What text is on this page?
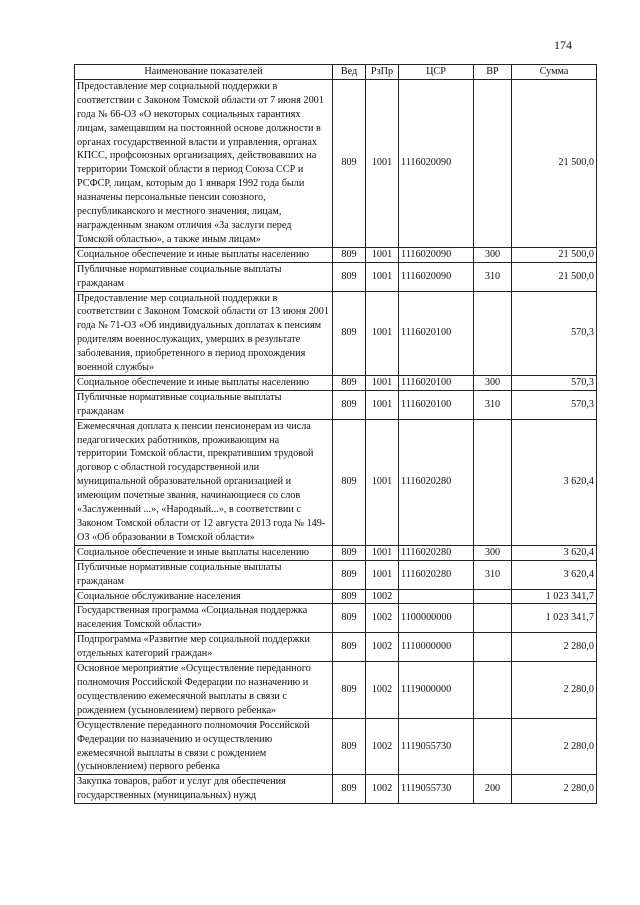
174
Наименование показателей	Вед	РзПр	ЦСР	ВР	Сумма
Предоставление мер социальной поддержки в соответствии с Законом Томской области от 7 июня 2001 года № 66-ОЗ «О некоторых социальных гарантиях лицам, замещавшим на постоянной основе должности в органах государственной власти и управления, органах КПСС, профсоюзных организациях, действовавших на территории Томской области в период Союза ССР и РСФСР, лицам, которым до 1 января 1992 года были назначены персональные пенсии союзного, республиканского и местного значения, лицам, награжденным знаком отличия «За заслуги перед Томской областью», а также иным лицам»	809	1001	1116020090		21 500,0
Социальное обеспечение и иные выплаты населению	809	1001	1116020090	300	21 500,0
Публичные нормативные социальные выплаты гражданам	809	1001	1116020090	310	21 500,0
Предоставление мер социальной поддержки в соответствии с Законом Томской области от 13 июня 2001 года № 71-ОЗ «Об индивидуальных доплатах к пенсиям родителям военнослужащих, умерших в результате заболевания, приобретенного в период прохождения военной службы»	809	1001	1116020100		570,3
Социальное обеспечение и иные выплаты населению	809	1001	1116020100	300	570,3
Публичные нормативные социальные выплаты гражданам	809	1001	1116020100	310	570,3
Ежемесячная доплата к пенсии пенсионерам из числа педагогических работников, проживающим на территории Томской области, прекратившим трудовой договор с областной государственной или муниципальной образовательной организацией и имеющим почетные звания, начинающиеся со слов «Заслуженный ...», «Народный...», в соответствии с Законом Томской области от 12 августа 2013 года № 149-ОЗ «Об образовании в Томской области»	809	1001	1116020280		3 620,4
Социальное обеспечение и иные выплаты населению	809	1001	1116020280	300	3 620,4
Публичные нормативные социальные выплаты гражданам	809	1001	1116020280	310	3 620,4
Социальное обслуживание населения	809	1002			1 023 341,7
Государственная программа «Социальная поддержка населения Томской области»	809	1002	1100000000		1 023 341,7
Подпрограмма «Развитие мер социальной поддержки отдельных категорий граждан»	809	1002	1110000000		2 280,0
Основное мероприятие «Осуществление переданного полномочия Российской Федерации по назначению и осуществлению ежемесячной выплаты в связи с рождением (усыновлением) первого ребенка»	809	1002	1119000000		2 280,0
Осуществление переданного полномочия Российской Федерации по назначению и осуществлению ежемесячной выплаты в связи с рождением (усыновлением) первого ребенка	809	1002	1119055730		2 280,0
Закупка товаров, работ и услуг для обеспечения государственных (муниципальных) нужд	809	1002	1119055730	200	2 280,0
